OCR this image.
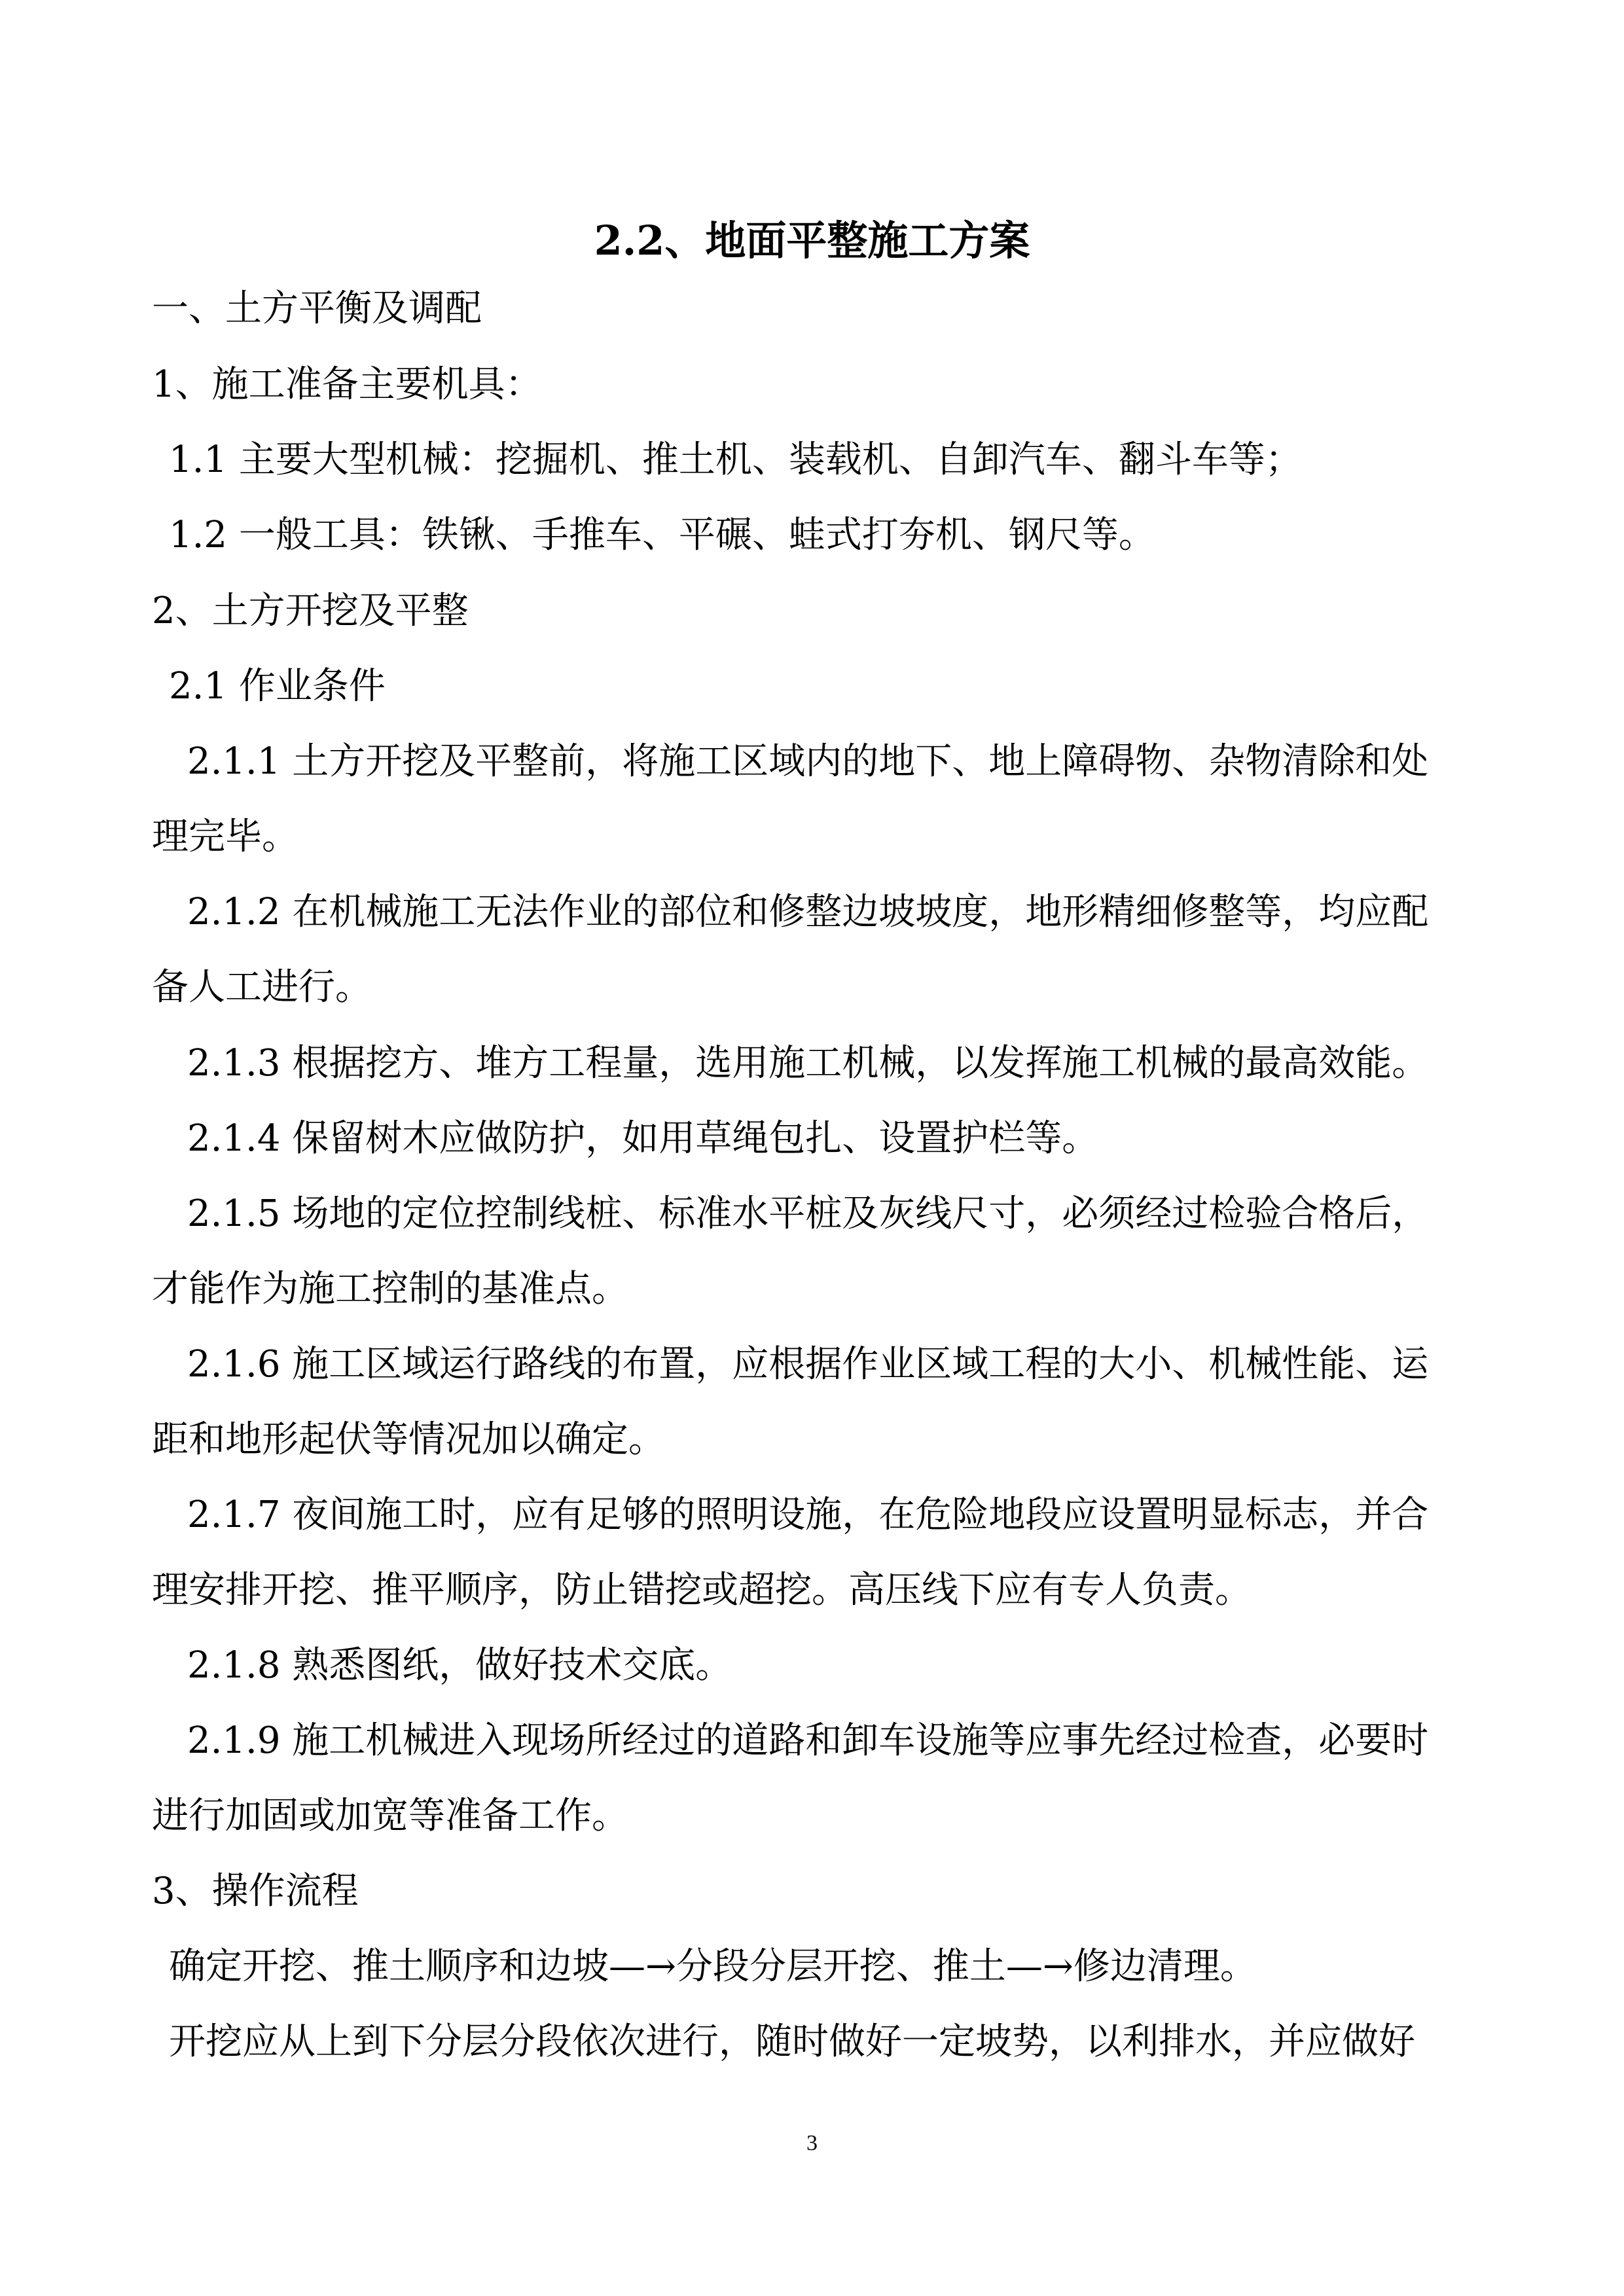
2.2、地面平整施工方案
一、土方平衡及调配
1、施工准备主要机具：
1.1 主要大型机械：挖掘机、推土机、装载机、自卸汽车、翻斗车等；
1.2 一般工具：铁锹、手推车、平碾、蛙式打夯机、钢尺等。
2、土方开挖及平整
2.1 作业条件
2.1.1 土方开挖及平整前，将施工区域内的地下、地上障碍物、杂物清除和处
理完毕。
2.1.2 在机械施工无法作业的部位和修整边坡坡度，地形精细修整等，均应配
备人工进行。
2.1.3 根据挖方、堆方工程量，选用施工机械，以发挥施工机械的最高效能。
2.1.4 保留树木应做防护，如用草绳包扎、设置护栏等。
2.1.5 场地的定位控制线桩、标准水平桩及灰线尺寸，必须经过检验合格后，
才能作为施工控制的基准点。
2.1.6 施工区域运行路线的布置，应根据作业区域工程的大小、机械性能、运
距和地形起伏等情况加以确定。
2.1.7 夜间施工时，应有足够的照明设施，在危险地段应设置明显标志，并合
理安排开挖、推平顺序，防止错挖或超挖。高压线下应有专人负责。
2.1.8 熟悉图纸，做好技术交底。
2.1.9 施工机械进入现场所经过的道路和卸车设施等应事先经过检查，必要时
进行加固或加宽等准备工作。
3、操作流程
确定开挖、推土顺序和边坡—→分段分层开挖、推土—→修边清理。
开挖应从上到下分层分段依次进行，随时做好一定坡势，以利排水，并应做好
3
